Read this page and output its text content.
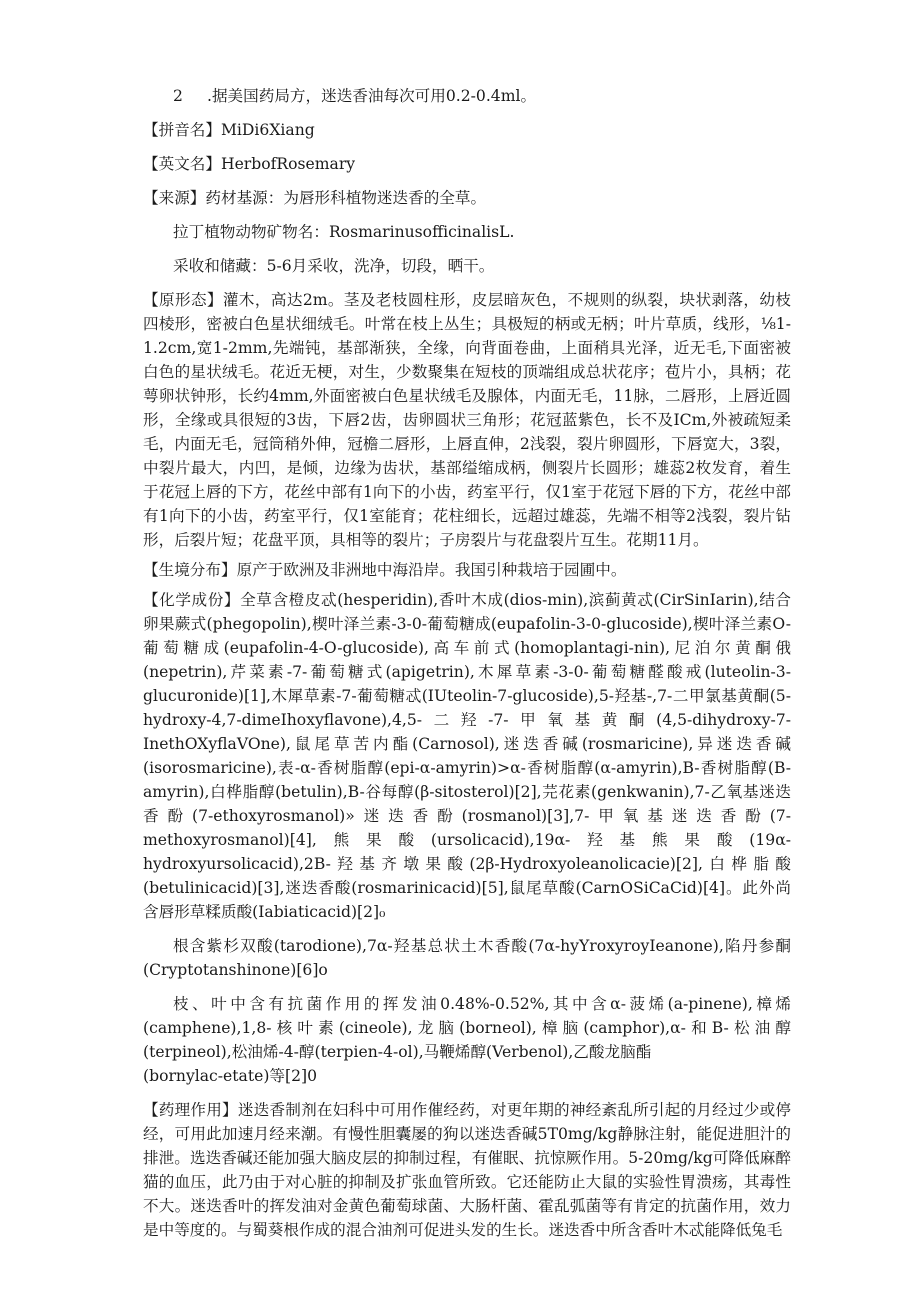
2 .据美国药局方，迷迭香油每次可用0.2-0.4ml。

【拼音名】MiDi6Xiang

【英文名】HerbofRosemary

【来源】药材基源：为唇形科植物迷迭香的全草。

拉丁植物动物矿物名：RosmarinusofficinalisL.

采收和储藏：5-6月采收，洗净，切段，晒干。

【原形态】灌木，高达2m。茎及老枝圆柱形，皮层暗灰色，不规则的纵裂，块状剥落，幼枝四棱形，密被白色星状细绒毛。叶常在枝上丛生；具极短的柄或无柄；叶片草质，线形，⅛1-1.2cm,宽1-2mm,先端钝，基部渐狭，全缘，向背面卷曲，上面稍具光泽，近无毛,下面密被白色的星状绒毛。花近无梗，对生，少数聚集在短枝的顶端组成总状花序；苞片小，具柄；花萼卵状钟形，长约4mm,外面密被白色星状绒毛及腺体，内面无毛，11脉，二唇形，上唇近圆形，全缘或具很短的3齿，下唇2齿，齿卵圆状三角形；花冠蓝紫色，长不及ICm,外被疏短柔毛，内面无毛，冠筒稍外伸，冠檐二唇形，上唇直伸，2浅裂，裂片卵圆形，下唇宽大，3裂，中裂片最大，内凹，是倾，边缘为齿状，基部缢缩成柄，侧裂片长圆形；雄蕊2枚发育，着生于花冠上唇的下方，花丝中部有1向下的小齿，药室平行，仅1室于花冠下唇的下方，花丝中部有1向下的小齿，药室平行，仅1室能育；花柱细长，远超过雄蕊，先端不相等2浅裂，裂片钻形，后裂片短；花盘平顶，具相等的裂片；子房裂片与花盘裂片互生。花期11月。

【生境分布】原产于欧洲及非洲地中海沿岸。我国引种栽培于园圃中。

【化学成份】全草含橙皮忒(hesperidin),香叶木成(dios-min),滨蓟黄忒(CirSinIarin),结合卵果蕨式(phegopolin),楔叶泽兰素-3-0-葡萄糖成(eupafolin-3-0-glucoside),楔叶泽兰素O-葡萄糖成(eupafolin-4-O-glucoside),高车前式(homoplantagi-nin),尼泊尔黄酮俄(nepetrin),芹菜素-7-葡萄糖式(apigetrin),木犀草素-3-0-葡萄糖醛酸戒(luteolin-3-glucuronide)[1],木犀草素-7-葡萄糖忒(IUteolin-7-glucoside),5-羟基-,7-二甲氯基黄酮(5-hydroxy-4,7-dimeIhoxyflavone),4,5-二羟-7-甲氧基黄酮(4,5-dihydroxy-7-InethOXyflaVOne),鼠尾草苦内酯(Carnosol),迷迭香碱(rosmaricine),异迷迭香碱(isorosmaricine),表-α-香树脂醇(epi-α-amyrin)>α-香树脂醇(α-amyrin),B-香树脂醇(B-amyrin),白桦脂醇(betulin),B-谷每醇(β-sitosterol)[2],芫花素(genkwanin),7-乙氧基迷迭香酚(7-ethoxyrosmanol)»迷迭香酚(rosmanol)[3],7-甲氧基迷迭香酚(7-methoxyrosmanol)[4],熊果酸(ursolicacid),19α-羟基熊果酸(19α-hydroxyursolicacid),2B-羟基齐墩果酸(2β-Hydroxyoleanolicacie)[2],白桦脂酸(betulinicacid)[3],迷迭香酸(rosmarinicacid)[5],鼠尾草酸(CarnOSiCaCid)[4]。此外尚含唇形草糅质酸(Iabiaticacid)[2]₀

根含紫杉双酸(tarodione),7α-羟基总状土木香酸(7α-hyYroxyroyIeanone),陷丹参酮(Cryptotanshinone)[6]o

枝、叶中含有抗菌作用的挥发油0.48%-0.52%,其中含α-菠烯(a-pinene),樟烯(camphene),1,8-核叶素(cineole),龙脑(borneol),樟脑(camphor),α-和B-松油醇(terpineol),松油烯-4-醇(terpien-4-ol),马鞭烯醇(Verbenol),乙酸龙脑酯

(bornylac-etate)等[2]0

【药理作用】迷迭香制剂在妇科中可用作催经药，对更年期的神经紊乱所引起的月经过少或停经，可用此加速月经来潮。有慢性胆囊屡的狗以迷迭香碱5T0mg/kg静脉注射，能促进胆汁的排泄。选迭香碱还能加强大脑皮层的抑制过程，有催眠、抗惊厥作用。5-20mg/kg可降低麻醉猫的血压，此乃由于对心脏的抑制及扩张血管所致。它还能防止大鼠的实验性胃溃疡，其毒性不大。迷迭香叶的挥发油对金黄色葡萄球菌、大肠杆菌、霍乱弧菌等有肯定的抗菌作用，效力是中等度的。与蜀葵根作成的混合油剂可促进头发的生长。迷迭香中所含香叶木忒能降低兔毛
